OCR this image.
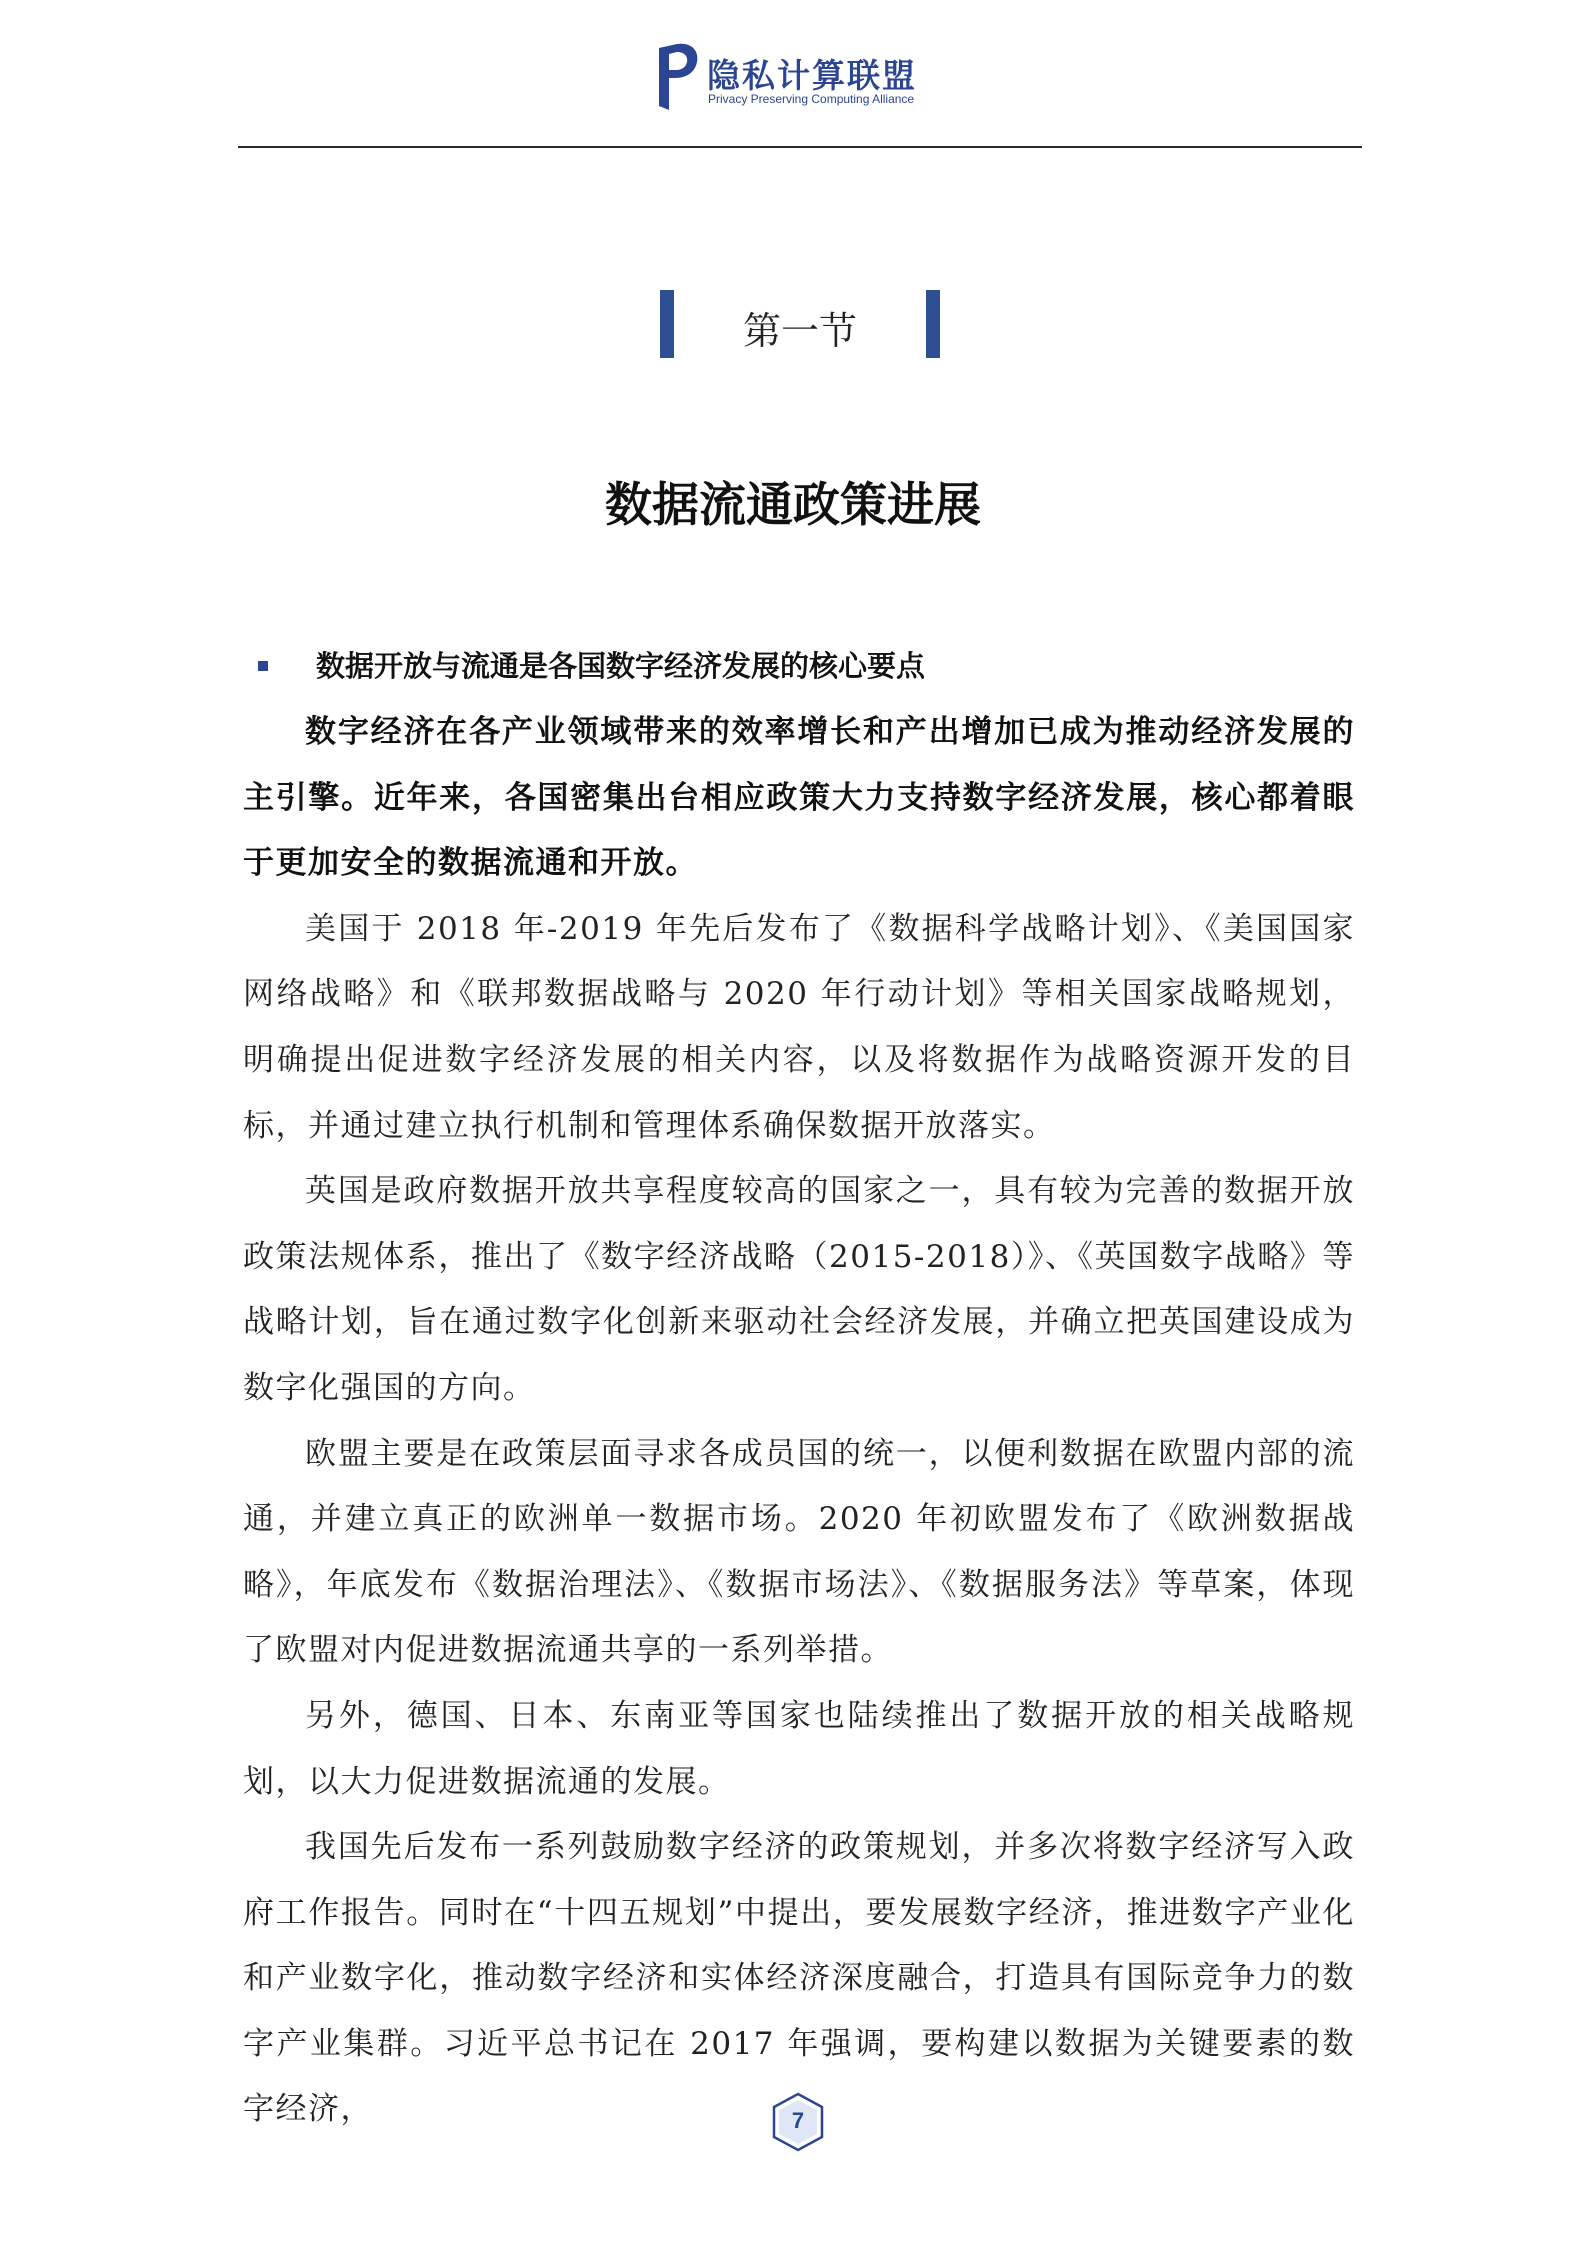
隐私计算联盟
Privacy Preserving Computing Alliance
第一节
数据流通政策进展
数据开放与流通是各国数字经济发展的核心要点

数字经济在各产业领域带来的效率增长和产出增加已成为推动经济发展的主引擎。近年来，各国密集出台相应政策大力支持数字经济发展，核心都着眼于更加安全的数据流通和开放。

美国于 2018 年-2019 年先后发布了《数据科学战略计划》、《美国国家网络战略》和《联邦数据战略与 2020 年行动计划》等相关国家战略规划，明确提出促进数字经济发展的相关内容，以及将数据作为战略资源开发的目标，并通过建立执行机制和管理体系确保数据开放落实。

英国是政府数据开放共享程度较高的国家之一，具有较为完善的数据开放政策法规体系，推出了《数字经济战略（2015-2018）》、《英国数字战略》等战略计划，旨在通过数字化创新来驱动社会经济发展，并确立把英国建设成为数字化强国的方向。

欧盟主要是在政策层面寻求各成员国的统一，以便利数据在欧盟内部的流通，并建立真正的欧洲单一数据市场。2020 年初欧盟发布了《欧洲数据战略》，年底发布《数据治理法》、《数据市场法》、《数据服务法》等草案，体现了欧盟对内促进数据流通共享的一系列举措。

另外，德国、日本、东南亚等国家也陆续推出了数据开放的相关战略规划，以大力促进数据流通的发展。

我国先后发布一系列鼓励数字经济的政策规划，并多次将数字经济写入政府工作报告。同时在“十四五规划”中提出，要发展数字经济，推进数字产业化和产业数字化，推动数字经济和实体经济深度融合，打造具有国际竞争力的数字产业集群。习近平总书记在 2017 年强调，要构建以数据为关键要素的数字经济，	7
